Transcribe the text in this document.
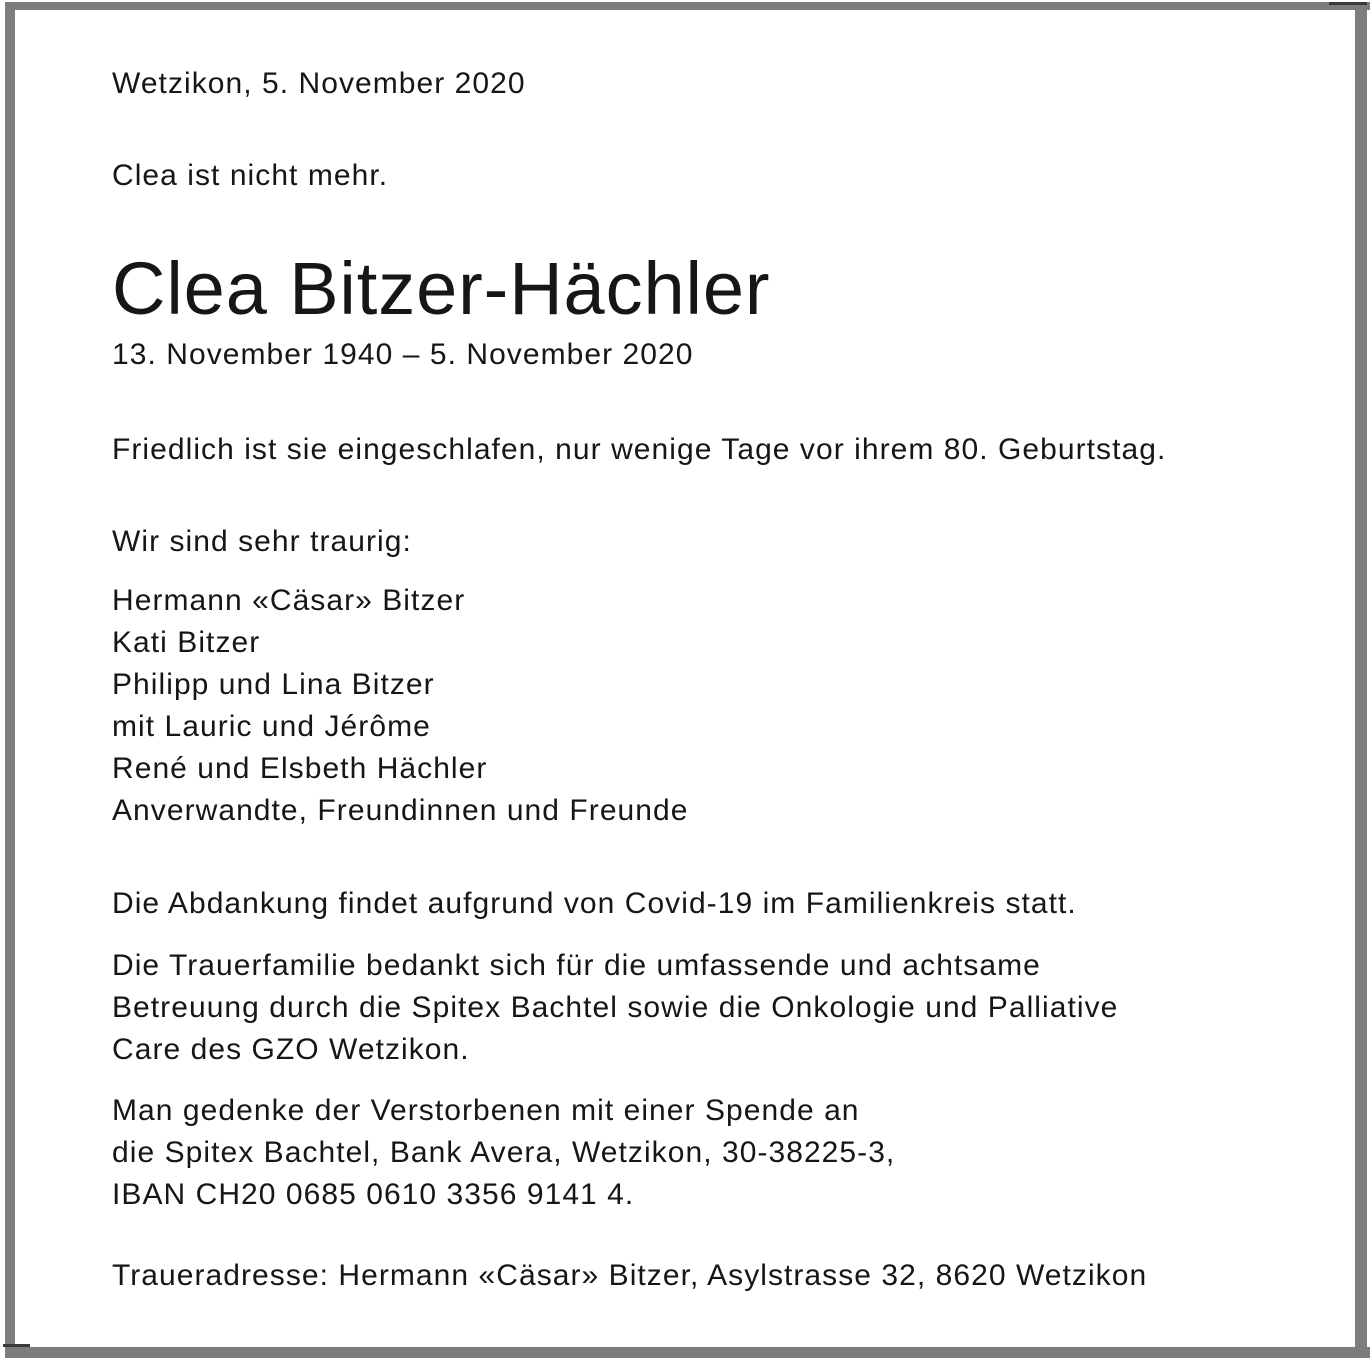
Wetzikon, 5. November 2020
Clea ist nicht mehr.
Clea Bitzer-Hächler
13. November 1940 – 5. November 2020
Friedlich ist sie eingeschlafen, nur wenige Tage vor ihrem 80. Geburtstag.
Wir sind sehr traurig:
Hermann «Cäsar» Bitzer
Kati Bitzer
Philipp und Lina Bitzer
mit Lauric und Jérôme
René und Elsbeth Hächler
Anverwandte, Freundinnen und Freunde
Die Abdankung findet aufgrund von Covid-19 im Familienkreis statt.
Die Trauerfamilie bedankt sich für die umfassende und achtsame Betreuung durch die Spitex Bachtel sowie die Onkologie und Palliative Care des GZO Wetzikon.
Man gedenke der Verstorbenen mit einer Spende an
die Spitex Bachtel, Bank Avera, Wetzikon, 30-38225-3,
IBAN CH20 0685 0610 3356 9141 4.
Traueradresse: Hermann «Cäsar» Bitzer, Asylstrasse 32, 8620 Wetzikon
